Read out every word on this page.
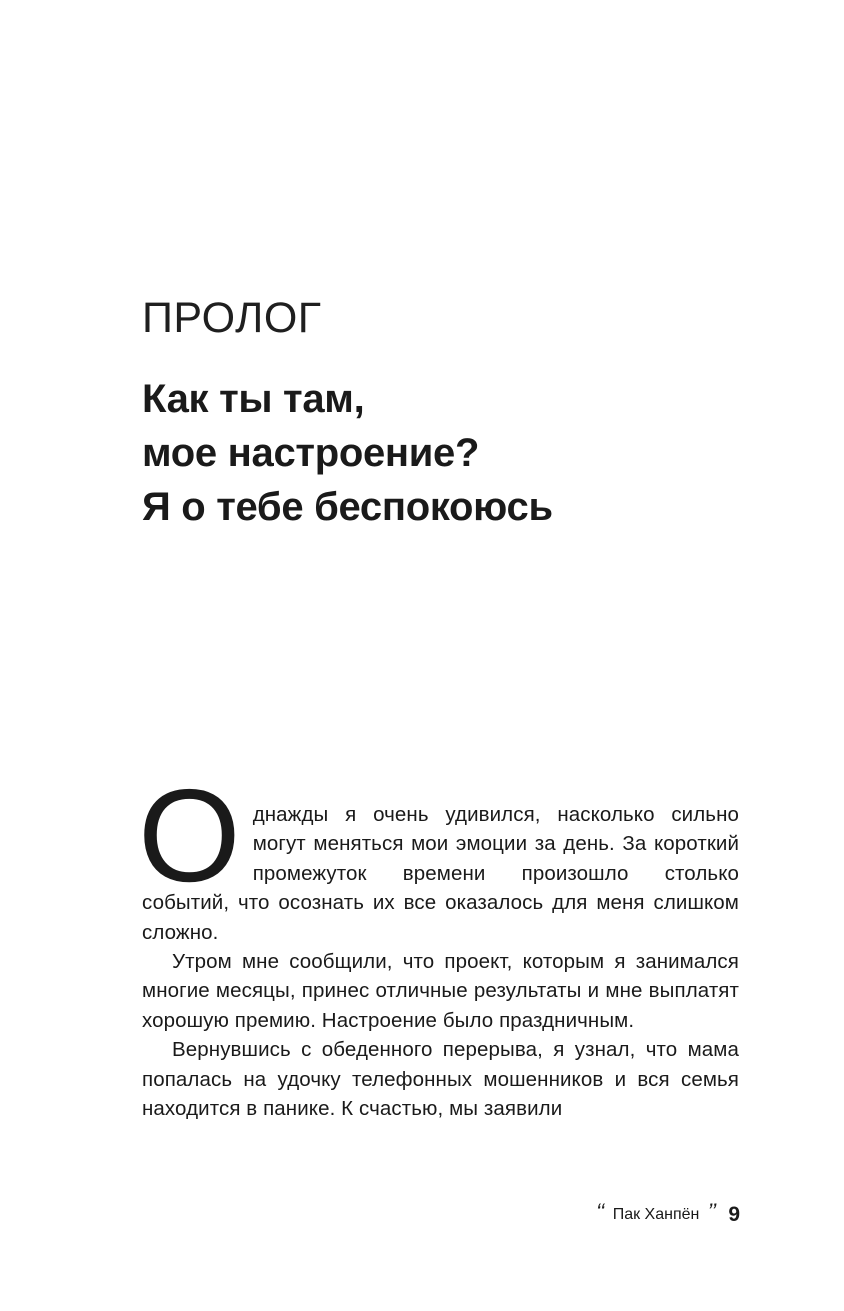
ПРОЛОГ
Как ты там,
мое настроение?
Я о тебе беспокоюсь

Однажды я очень удивился, насколько сильно могут меняться мои эмоции за день. За короткий промежуток времени произошло столько событий, что осознать их все оказалось для меня слишком сложно.

Утром мне сообщили, что проект, которым я занимался многие месяцы, принес отличные результаты и мне выплатят хорошую премию. Настроение было праздничным.

Вернувшись с обеденного перерыва, я узнал, что мама попалась на удочку телефонных мошенников и вся семья находится в панике. К счастью, мы заявили

‘‘ Пак Ханпён ’’ 9
